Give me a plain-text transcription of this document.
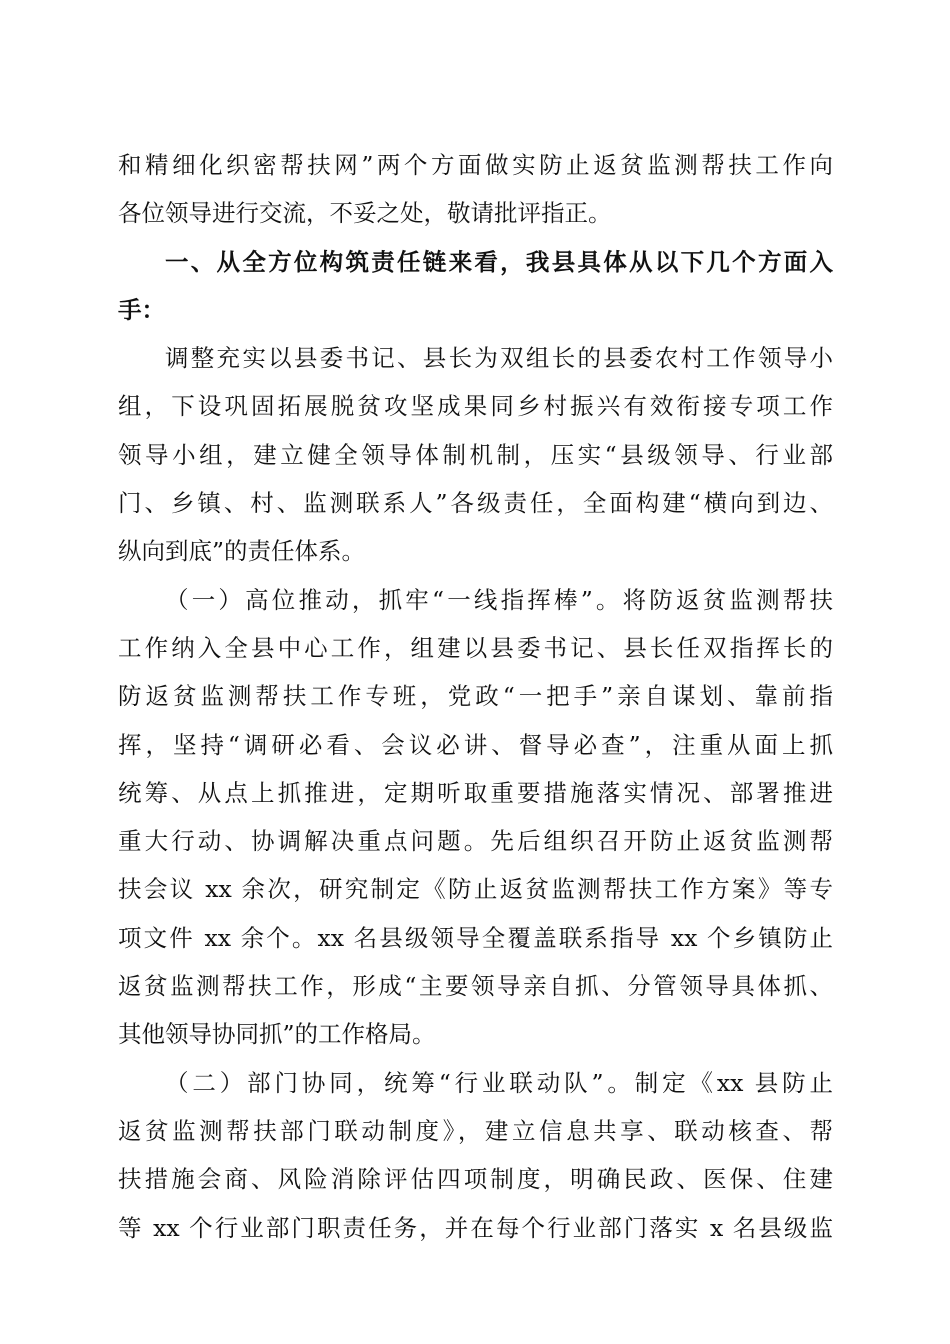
和精细化织密帮扶网”两个方面做实防止返贫监测帮扶工作向
各位领导进行交流，不妥之处，敬请批评指正。
一、从全方位构筑责任链来看，我县具体从以下几个方面入
手：
调整充实以县委书记、县长为双组长的县委农村工作领导小
组，下设巩固拓展脱贫攻坚成果同乡村振兴有效衔接专项工作
领导小组，建立健全领导体制机制，压实“县级领导、行业部
门、乡镇、村、监测联系人”各级责任，全面构建“横向到边、
纵向到底”的责任体系。
（一）高位推动，抓牢“一线指挥棒”。将防返贫监测帮扶
工作纳入全县中心工作，组建以县委书记、县长任双指挥长的
防返贫监测帮扶工作专班，党政“一把手”亲自谋划、靠前指
挥，坚持“调研必看、会议必讲、督导必查”，注重从面上抓
统筹、从点上抓推进，定期听取重要措施落实情况、部署推进
重大行动、协调解决重点问题。先后组织召开防止返贫监测帮
扶会议 xx 余次，研究制定《防止返贫监测帮扶工作方案》等专
项文件 xx 余个。xx 名县级领导全覆盖联系指导 xx 个乡镇防止
返贫监测帮扶工作，形成“主要领导亲自抓、分管领导具体抓、
其他领导协同抓”的工作格局。
（二）部门协同，统筹“行业联动队”。制定《xx 县防止
返贫监测帮扶部门联动制度》，建立信息共享、联动核查、帮
扶措施会商、风险消除评估四项制度，明确民政、医保、住建
等 xx 个行业部门职责任务，并在每个行业部门落实 x 名县级监
